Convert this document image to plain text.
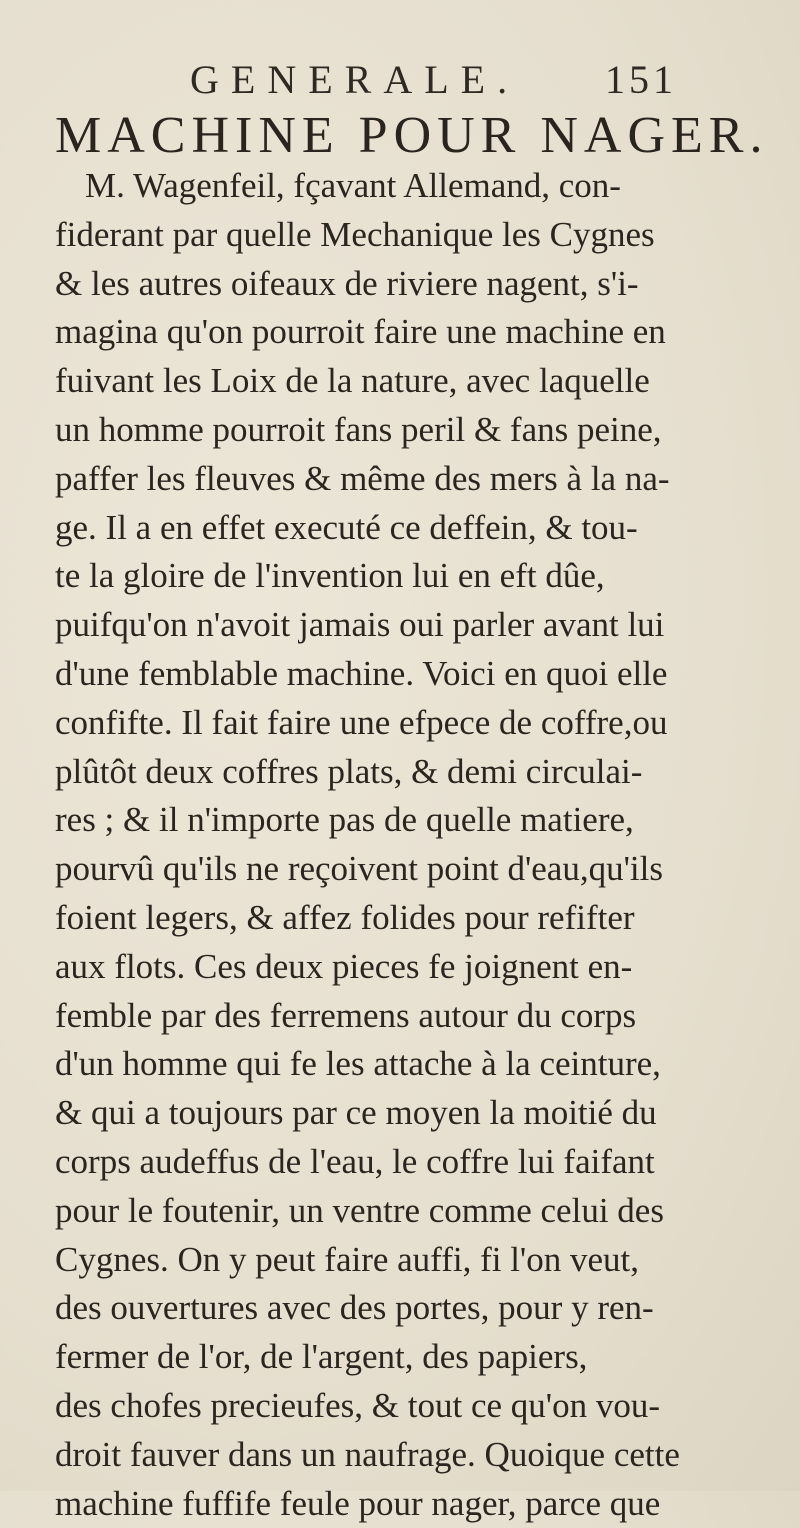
GENERALE. 151
MACHINE POUR NAGER.
M. Wagenfeil, fçavant Allemand, con-
fiderant par quelle Mechanique les Cygnes
& les autres oifeaux de riviere nagent, s'i-
magina qu'on pourroit faire une machine en
fuivant les Loix de la nature, avec laquelle
un homme pourroit fans peril & fans peine,
paffer les fleuves & même des mers à la na-
ge. Il a en effet executé ce deffein, & tou-
te la gloire de l'invention lui en eft dûe,
puifqu'on n'avoit jamais oui parler avant lui
d'une femblable machine. Voici en quoi elle
confifte. Il fait faire une efpece de coffre,ou
plûtôt deux coffres plats, & demi circulai-
res ; & il n'importe pas de quelle matiere,
pourvû qu'ils ne reçoivent point d'eau,qu'ils
foient legers, & affez folides pour refifter
aux flots. Ces deux pieces fe joignent en-
femble par des ferremens autour du corps
d'un homme qui fe les attache à la ceinture,
& qui a toujours par ce moyen la moitié du
corps audeffus de l'eau, le coffre lui faifant
pour le foutenir, un ventre comme celui des
Cygnes. On y peut faire auffi, fi l'on veut,
des ouvertures avec des portes, pour y ren-
fermer de l'or, de l'argent, des papiers,
des chofes precieufes, & tout ce qu'on vou-
droit fauver dans un naufrage. Quoique cette
machine fuffife feule pour nager, parce que
